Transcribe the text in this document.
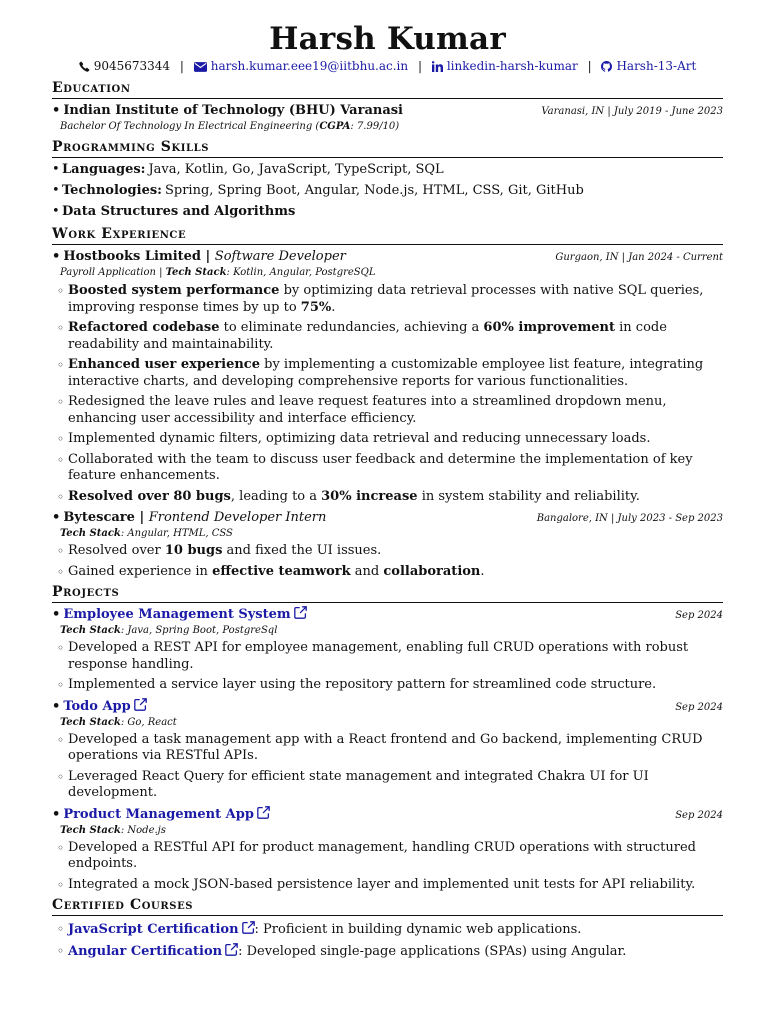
Harsh Kumar
9045673344 | harsh.kumar.eee19@iitbhu.ac.in | linkedin-harsh-kumar | Harsh-13-Art
Education
• Indian Institute of Technology (BHU) Varanasi	Varanasi, IN | July 2019 - June 2023
Bachelor Of Technology In Electrical Engineering (CGPA: 7.99/10)
Programming Skills
• Languages: Java, Kotlin, Go, JavaScript, TypeScript, SQL
• Technologies: Spring, Spring Boot, Angular, Node.js, HTML, CSS, Git, GitHub
• Data Structures and Algorithms
Work Experience
• Hostbooks Limited | Software Developer	Gurgaon, IN | Jan 2024 - Current
Payroll Application | Tech Stack: Kotlin, Angular, PostgreSQL
◦ Boosted system performance by optimizing data retrieval processes with native SQL queries, improving response times by up to 75%.
◦ Refactored codebase to eliminate redundancies, achieving a 60% improvement in code readability and maintainability.
◦ Enhanced user experience by implementing a customizable employee list feature, integrating interactive charts, and developing comprehensive reports for various functionalities.
◦ Redesigned the leave rules and leave request features into a streamlined dropdown menu, enhancing user accessibility and interface efficiency.
◦ Implemented dynamic filters, optimizing data retrieval and reducing unnecessary loads.
◦ Collaborated with the team to discuss user feedback and determine the implementation of key feature enhancements.
◦ Resolved over 80 bugs, leading to a 30% increase in system stability and reliability.
• Bytescare | Frontend Developer Intern	Bangalore, IN | July 2023 - Sep 2023
Tech Stack: Angular, HTML, CSS
◦ Resolved over 10 bugs and fixed the UI issues.
◦ Gained experience in effective teamwork and collaboration.
Projects
• Employee Management System	Sep 2024
Tech Stack: Java, Spring Boot, PostgreSql
◦ Developed a REST API for employee management, enabling full CRUD operations with robust response handling.
◦ Implemented a service layer using the repository pattern for streamlined code structure.
• Todo App	Sep 2024
Tech Stack: Go, React
◦ Developed a task management app with a React frontend and Go backend, implementing CRUD operations via RESTful APIs.
◦ Leveraged React Query for efficient state management and integrated Chakra UI for UI development.
• Product Management App	Sep 2024
Tech Stack: Node.js
◦ Developed a RESTful API for product management, handling CRUD operations with structured endpoints.
◦ Integrated a mock JSON-based persistence layer and implemented unit tests for API reliability.
Certified Courses
◦ JavaScript Certification : Proficient in building dynamic web applications.
◦ Angular Certification : Developed single-page applications (SPAs) using Angular.
